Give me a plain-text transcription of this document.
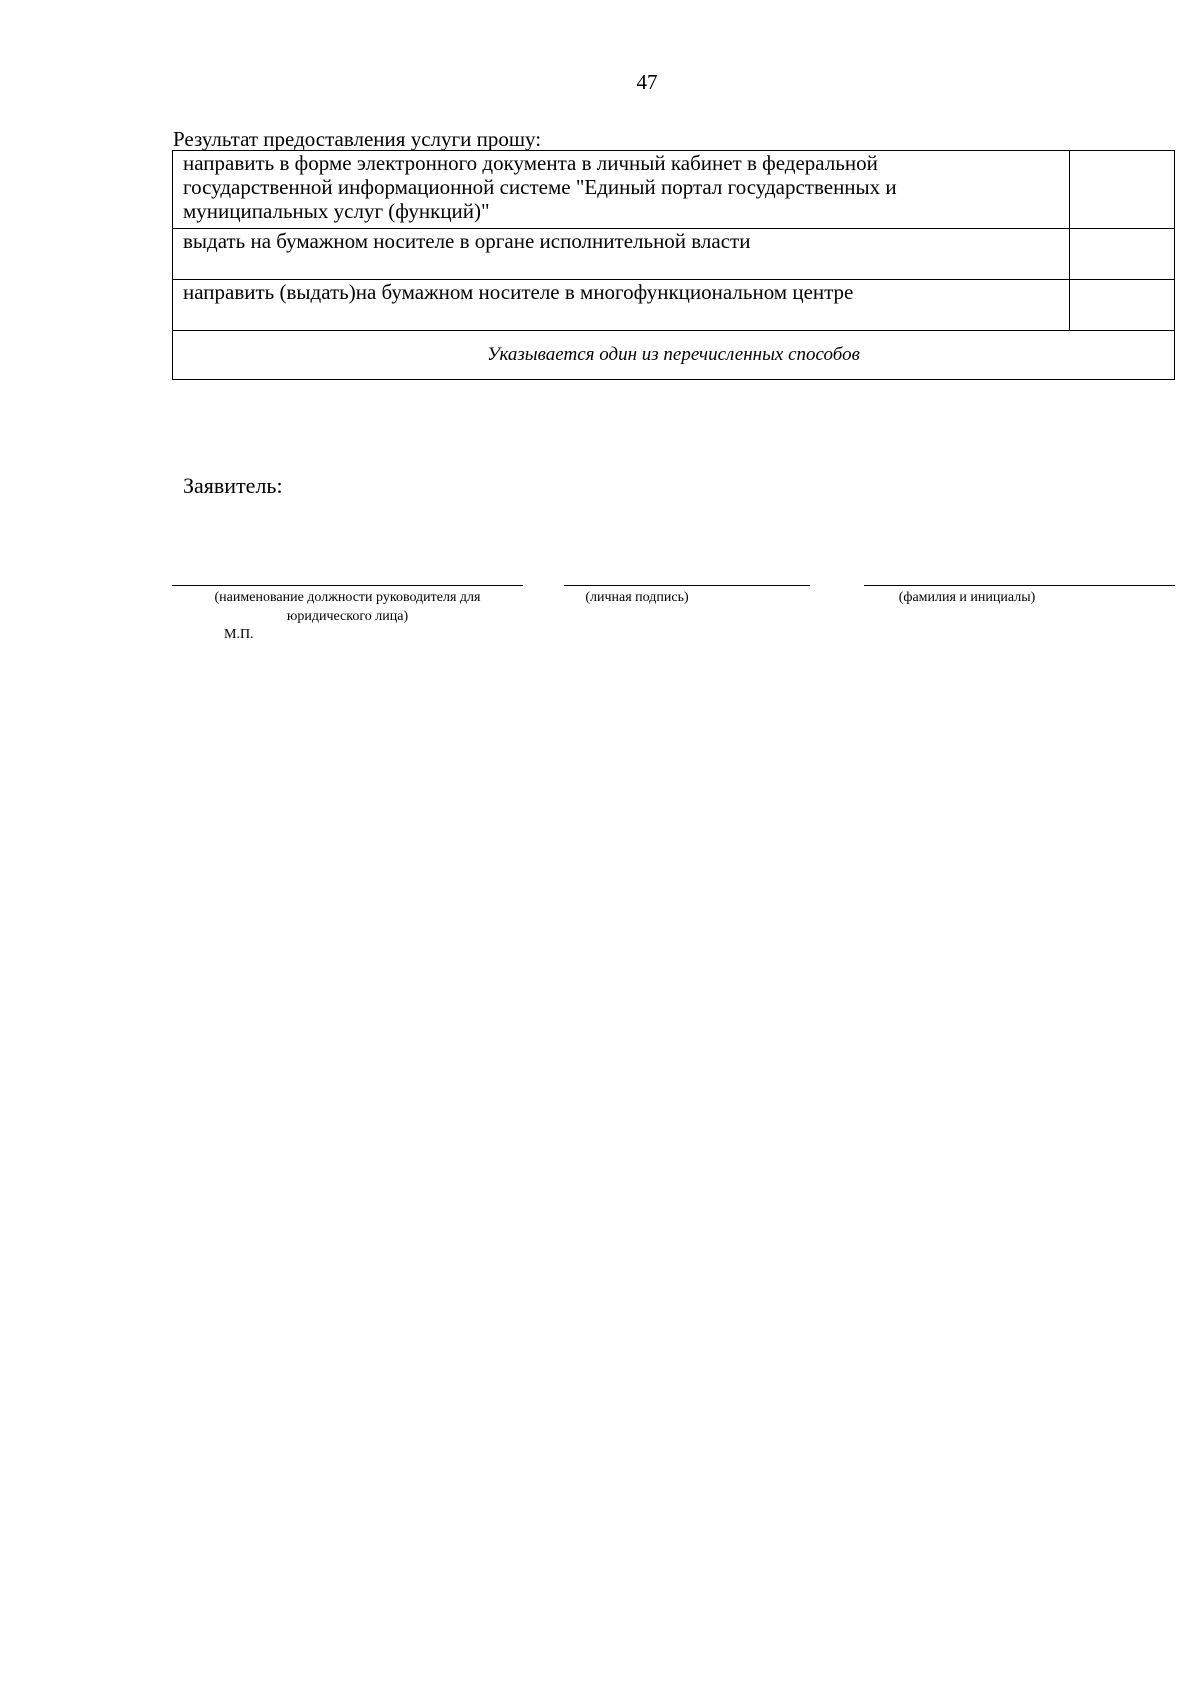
47
Результат предоставления услуги прошу:
направить в форме электронного документа в личный кабинет в федеральной
государственной информационной системе "Единый портал государственных и
муниципальных услуг (функций)"	

выдать на бумажном носителе в органе исполнительной власти	
направить (выдать)на бумажном носителе в многофункциональном центре	
Указывается один из перечисленных способов	
Заявитель:
(наименование должности руководителя для
юридического лица)
(личная подпись)	(фамилия и инициалы)
М.П.
